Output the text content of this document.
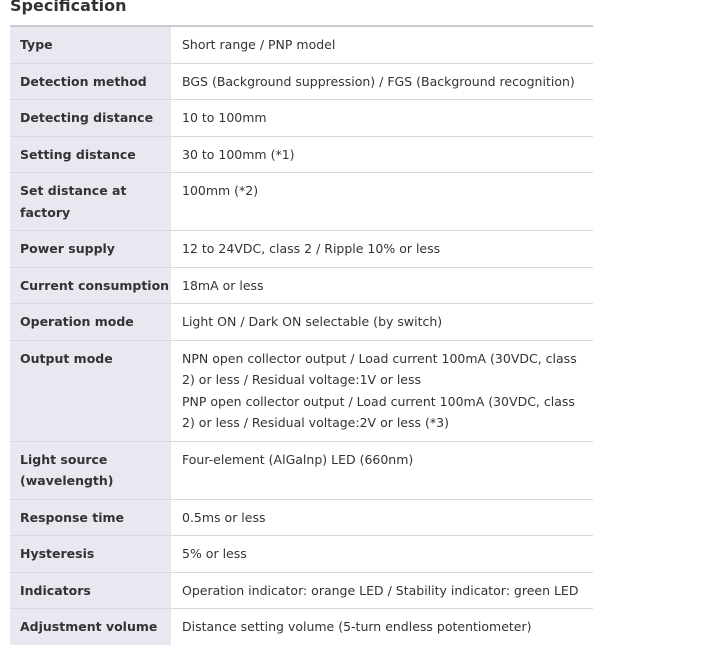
Specification
Type	Short range / PNP model
Detection method	BGS (Background suppression) / FGS (Background recognition)
Detecting distance	10 to 100mm
Setting distance	30 to 100mm (*1)
Set distance at factory	100mm (*2)
Power supply	12 to 24VDC, class 2 / Ripple 10% or less
Current consumption	18mA or less
Operation mode	Light ON / Dark ON selectable (by switch)
Output mode	NPN open collector output / Load current 100mA (30VDC, class 2) or less / Residual voltage:1V or less
PNP open collector output / Load current 100mA (30VDC, class 2) or less / Residual voltage:2V or less (*3)

Light source (wavelength)	Four-element (AlGalnp) LED (660nm)
Response time	0.5ms or less
Hysteresis	5% or less
Indicators	Operation indicator: orange LED / Stability indicator: green LED
Adjustment volume	Distance setting volume (5-turn endless potentiometer)
